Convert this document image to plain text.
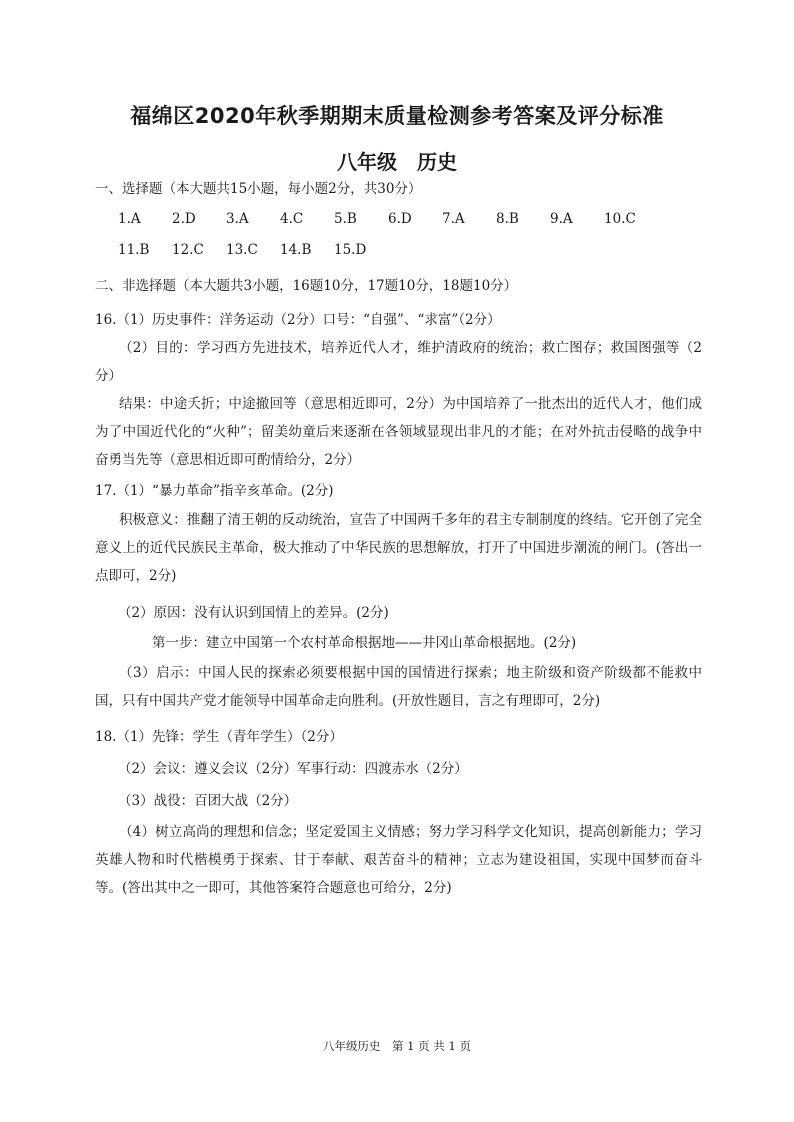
福绵区2020年秋季期期末质量检测参考答案及评分标准
八年级　历史
一、选择题（本大题共15小题，每小题2分，共30分）
1.A 2.D 3.A 4.C 5.B 6.D 7.A 8.B 9.A 10.C
11.B 12.C 13.C 14.B 15.D
二、非选择题（本大题共3小题，16题10分，17题10分，18题10分）
16.（1）历史事件：洋务运动（2分）口号：“自强”、“求富”（2分）
（2）目的：学习西方先进技术，培养近代人才，维护清政府的统治；救亡图存；救国图强等（2分）
结果：中途夭折；中途撤回等（意思相近即可，2分）为中国培养了一批杰出的近代人才，他们成为了中国近代化的“火种”；留美幼童后来逐渐在各领域显现出非凡的才能；在对外抗击侵略的战争中奋勇当先等（意思相近即可酌情给分，2分）
17.（1）“暴力革命”指辛亥革命。(2分)
积极意义：推翻了清王朝的反动统治，宣告了中国两千多年的君主专制制度的终结。它开创了完全意义上的近代民族民主革命，极大推动了中华民族的思想解放，打开了中国进步潮流的闸门。(答出一点即可，2分)
（2）原因：没有认识到国情上的差异。(2分)
第一步：建立中国第一个农村革命根据地——井冈山革命根据地。(2分)
（3）启示：中国人民的探索必须要根据中国的国情进行探索；地主阶级和资产阶级都不能救中国，只有中国共产党才能领导中国革命走向胜利。(开放性题目，言之有理即可，2分)
18.（1）先锋：学生（青年学生）（2分）
（2）会议：遵义会议（2分）军事行动：四渡赤水（2分）
（3）战役：百团大战（2分）
（4）树立高尚的理想和信念；坚定爱国主义情感；努力学习科学文化知识，提高创新能力；学习英雄人物和时代楷模勇于探索、甘于奉献、艰苦奋斗的精神；立志为建设祖国，实现中国梦而奋斗等。(答出其中之一即可，其他答案符合题意也可给分，2分)
八年级历史　第 1 页 共 1 页
